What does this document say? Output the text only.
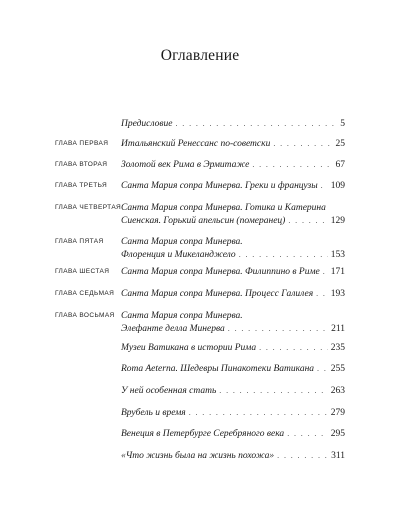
Оглавление
Предисловие . . .	5
ГЛАВА ПЕРВАЯ Итальянский Ренессанс по-советски . . .	25
ГЛАВА ВТОРАЯ Золотой век Рима в Эрмитаже . . .	67
ГЛАВА ТРЕТЬЯ Санта Мария сопра Минерва. Греки и французы . . . 109
ГЛАВА ЧЕТВЕРТАЯ Санта Мария сопра Минерва. Готика и Катерина
Сиенская. Горький апельсин (померанец) . . .	129
ГЛАВА ПЯТАЯ Санта Мария сопра Минерва.
Флоренция и Микеланджело . . .	153
ГЛАВА ШЕСТАЯ Санта Мария сопра Минерва. Филиппино в Риме . . . 171
ГЛАВА СЕДЬМАЯ Санта Мария сопра Минерва. Процесс Галилея . . . 193
ГЛАВА ВОСЬМАЯ Санта Мария сопра Минерва.
Элефанте делла Минерва . . .	211
Музеи Ватикана в истории Рима . . .	235
Roma Aeterna. Шедевры Пинакотеки Ватикана . . . 255
У ней особенная стать . . .	263
Врубель и время . . .	279
Венеция в Петербурге Серебряного века . . .	295
«Что жизнь была на жизнь похожа» . . .	311
